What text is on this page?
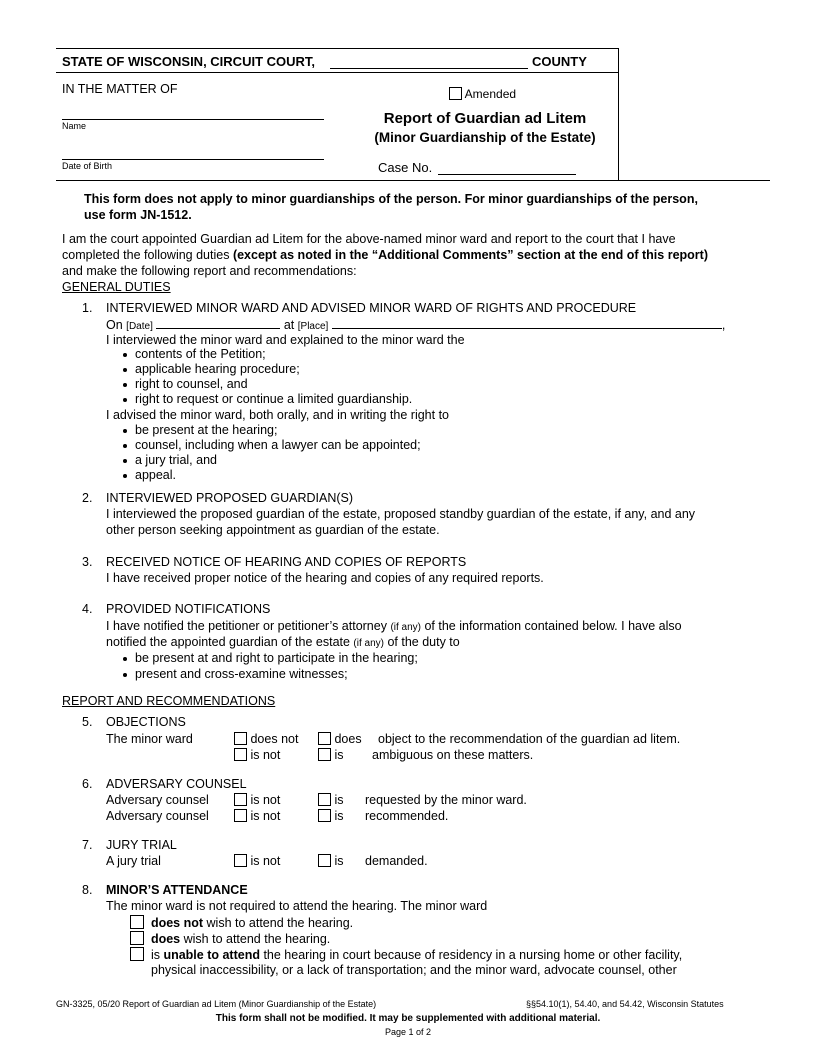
STATE OF WISCONSIN, CIRCUIT COURT,	COUNTY
IN THE MATTER OF
Name
Date of Birth
Amended
Report of Guardian ad Litem
(Minor Guardianship of the Estate)
Case No.
This form does not apply to minor guardianships of the person. For minor guardianships of the person,
use form JN-1512.
I am the court appointed Guardian ad Litem for the above-named minor ward and report to the court that I have
completed the following duties (except as noted in the “Additional Comments” section at the end of this report)
and make the following report and recommendations:
GENERAL DUTIES
1. INTERVIEWED MINOR WARD AND ADVISED MINOR WARD OF RIGHTS AND PROCEDURE
On [Date]	at [Place]	,
I interviewed the minor ward and explained to the minor ward the
contents of the Petition;
applicable hearing procedure;
right to counsel, and
right to request or continue a limited guardianship.
I advised the minor ward, both orally, and in writing the right to
be present at the hearing;
counsel, including when a lawyer can be appointed;
a jury trial, and
appeal.
2. INTERVIEWED PROPOSED GUARDIAN(S)
I interviewed the proposed guardian of the estate, proposed standby guardian of the estate, if any, and any
other person seeking appointment as guardian of the estate.
3. RECEIVED NOTICE OF HEARING AND COPIES OF REPORTS
I have received proper notice of the hearing and copies of any required reports.
4. PROVIDED NOTIFICATIONS
I have notified the petitioner or petitioner’s attorney (if any) of the information contained below. I have also
notified the appointed guardian of the estate (if any) of the duty to
be present at and right to participate in the hearing;
present and cross-examine witnesses;
REPORT AND RECOMMENDATIONS
5. OBJECTIONS
The minor ward	does not	does object to the recommendation of the guardian ad litem.
is not	is ambiguous on these matters.
6. ADVERSARY COUNSEL
Adversary counsel	is not	is requested by the minor ward.
Adversary counsel	is not	is recommended.
7. JURY TRIAL
A jury trial	is not	is demanded.
8. MINOR’S ATTENDANCE
The minor ward is not required to attend the hearing. The minor ward
does not wish to attend the hearing.
does wish to attend the hearing.
is unable to attend the hearing in court because of residency in a nursing home or other facility,
physical inaccessibility, or a lack of transportation; and the minor ward, advocate counsel, other
GN-3325, 05/20 Report of Guardian ad Litem (Minor Guardianship of the Estate)	§§54.10(1), 54.40, and 54.42, Wisconsin Statutes
This form shall not be modified. It may be supplemented with additional material.
Page 1 of 2
